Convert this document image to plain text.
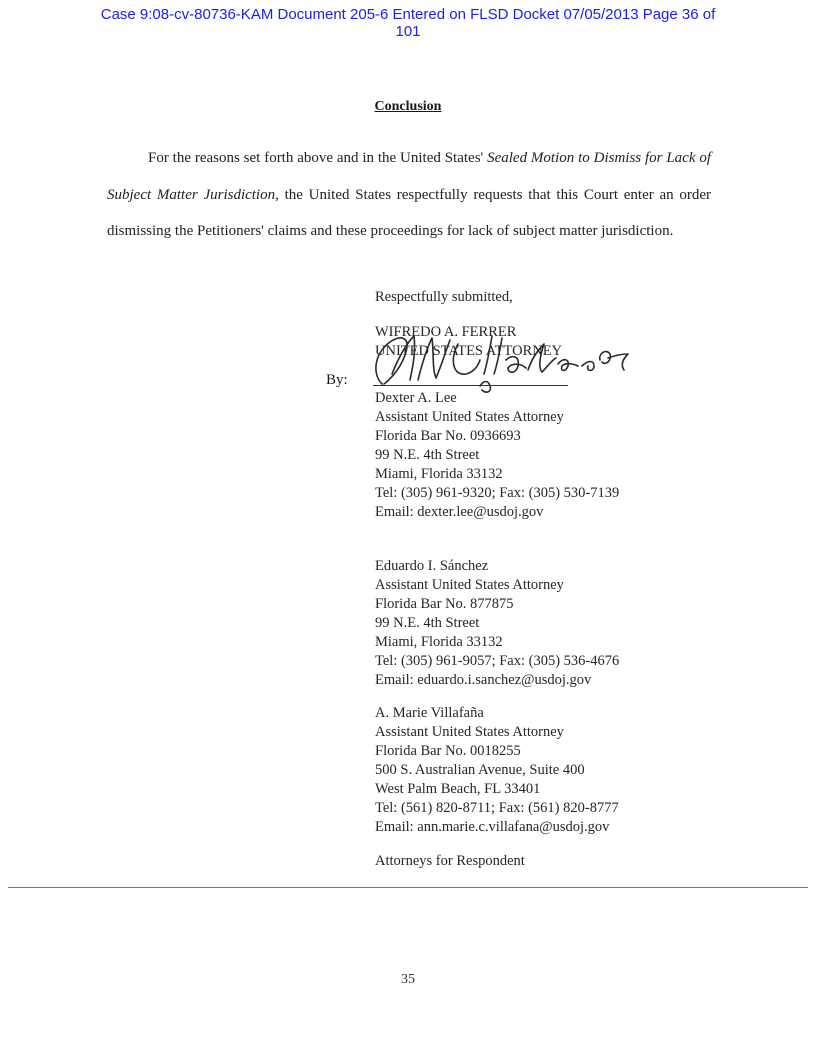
Case 9:08-cv-80736-KAM Document 205-6 Entered on FLSD Docket 07/05/2013 Page 36 of
101
Conclusion

For the reasons set forth above and in the United States' Sealed Motion to Dismiss for Lack of Subject Matter Jurisdiction, the United States respectfully requests that this Court enter an order dismissing the Petitioners' claims and these proceedings for lack of subject matter jurisdiction.

Respectfully submitted,
WIFREDO A. FERRER
UNITED STATES ATTORNEY
By:
Dexter A. Lee
Assistant United States Attorney
Florida Bar No. 0936693
99 N.E. 4th Street
Miami, Florida 33132
Tel: (305) 961-9320; Fax: (305) 530-7139
Email: dexter.lee@usdoj.gov
Eduardo I. Sánchez
Assistant United States Attorney
Florida Bar No. 877875
99 N.E. 4th Street
Miami, Florida 33132
Tel: (305) 961-9057; Fax: (305) 536-4676
Email: eduardo.i.sanchez@usdoj.gov
A. Marie Villafaña
Assistant United States Attorney
Florida Bar No. 0018255
500 S. Australian Avenue, Suite 400
West Palm Beach, FL 33401
Tel: (561) 820-8711; Fax: (561) 820-8777
Email: ann.marie.c.villafana@usdoj.gov
Attorneys for Respondent
35
